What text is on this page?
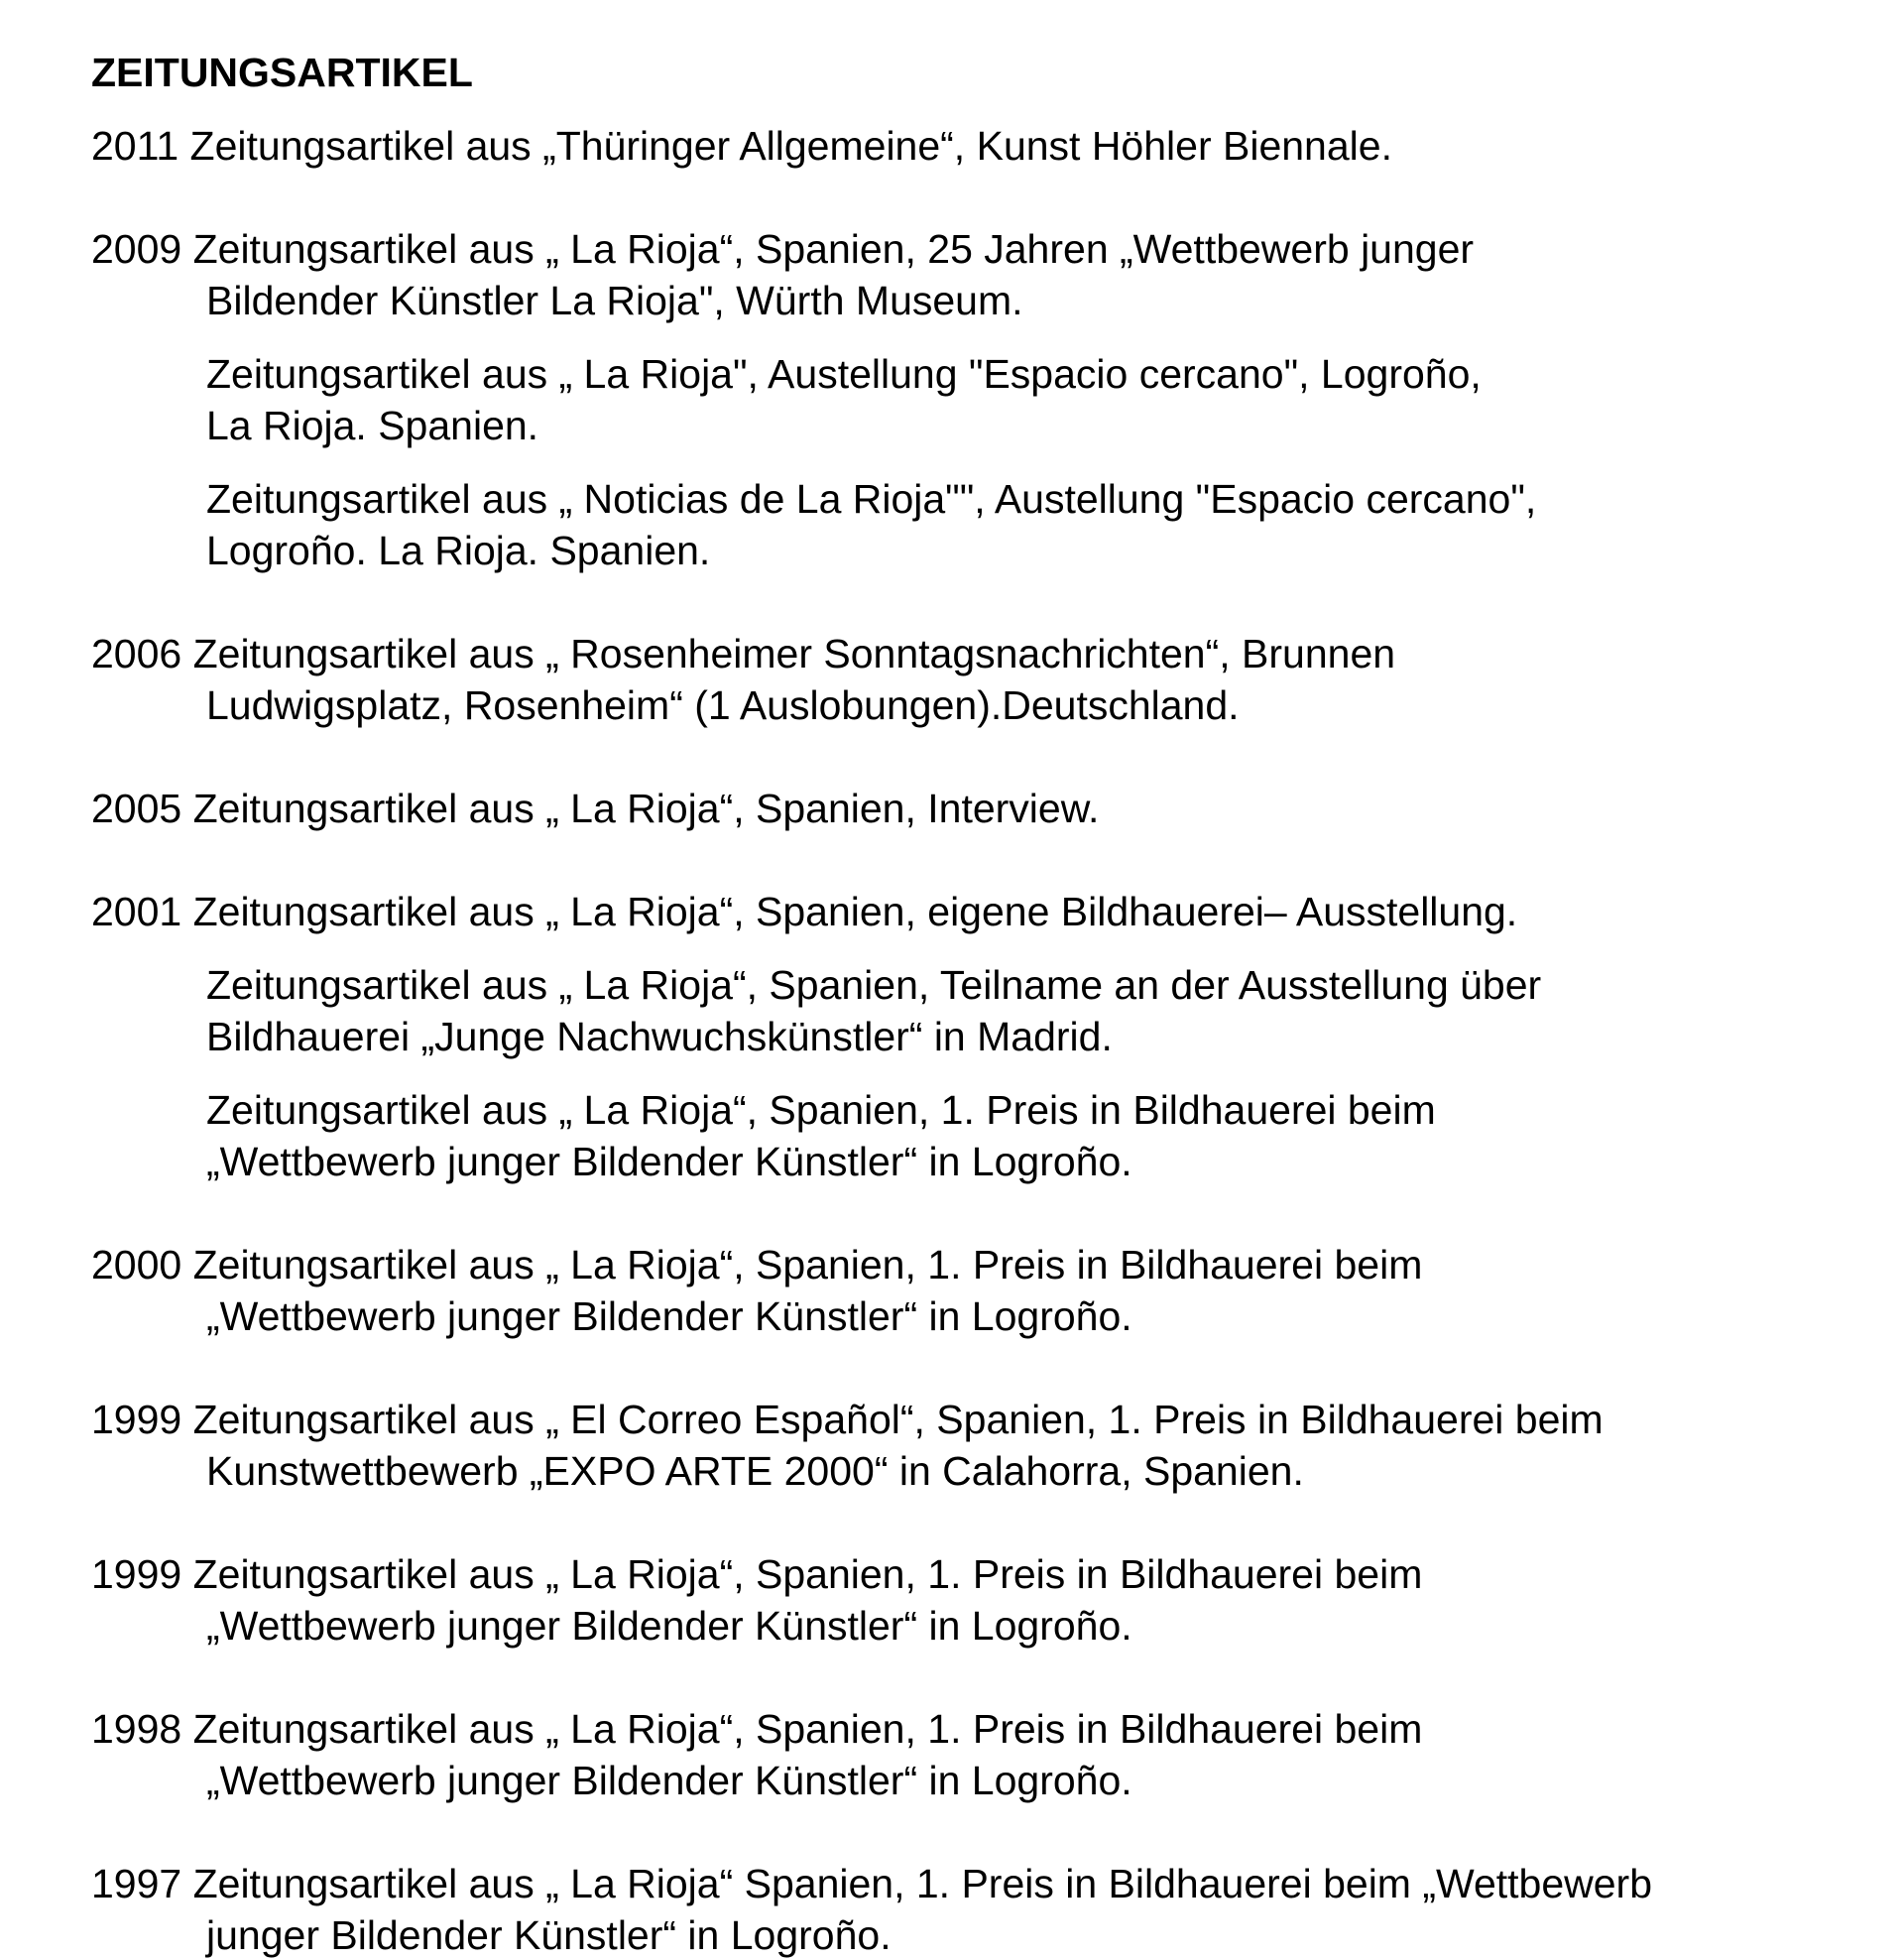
ZEITUNGSARTIKEL

2011 Zeitungsartikel aus „Thüringer Allgemeine“, Kunst Höhler Biennale.

2009 Zeitungsartikel aus „ La Rioja“, Spanien, 25 Jahren „Wettbewerb junger

Bildender Künstler La Rioja", Würth Museum.

Zeitungsartikel aus „ La Rioja", Austellung "Espacio cercano", Logroño,

La Rioja. Spanien.

Zeitungsartikel aus „ Noticias de La Rioja"", Austellung "Espacio cercano",

Logroño. La Rioja. Spanien.

2006 Zeitungsartikel aus „ Rosenheimer Sonntagsnachrichten“, Brunnen

Ludwigsplatz, Rosenheim“ (1 Auslobungen).Deutschland.

2005 Zeitungsartikel aus „ La Rioja“, Spanien, Interview.

2001 Zeitungsartikel aus „ La Rioja“, Spanien, eigene Bildhauerei– Ausstellung.

Zeitungsartikel aus „ La Rioja“, Spanien, Teilname an der Ausstellung über

Bildhauerei „Junge Nachwuchskünstler“ in Madrid.

Zeitungsartikel aus „ La Rioja“, Spanien, 1. Preis in Bildhauerei beim

„Wettbewerb junger Bildender Künstler“ in Logroño.

2000 Zeitungsartikel aus „ La Rioja“, Spanien, 1. Preis in Bildhauerei beim

„Wettbewerb junger Bildender Künstler“ in Logroño.

1999 Zeitungsartikel aus „ El Correo Español“, Spanien, 1. Preis in Bildhauerei beim

Kunstwettbewerb „EXPO ARTE 2000“ in Calahorra, Spanien.

1999 Zeitungsartikel aus „ La Rioja“, Spanien, 1. Preis in Bildhauerei beim

„Wettbewerb junger Bildender Künstler“ in Logroño.

1998 Zeitungsartikel aus „ La Rioja“, Spanien, 1. Preis in Bildhauerei beim

„Wettbewerb junger Bildender Künstler“ in Logroño.

1997 Zeitungsartikel aus „ La Rioja“ Spanien, 1. Preis in Bildhauerei beim „Wettbewerb

junger Bildender Künstler“ in Logroño.
